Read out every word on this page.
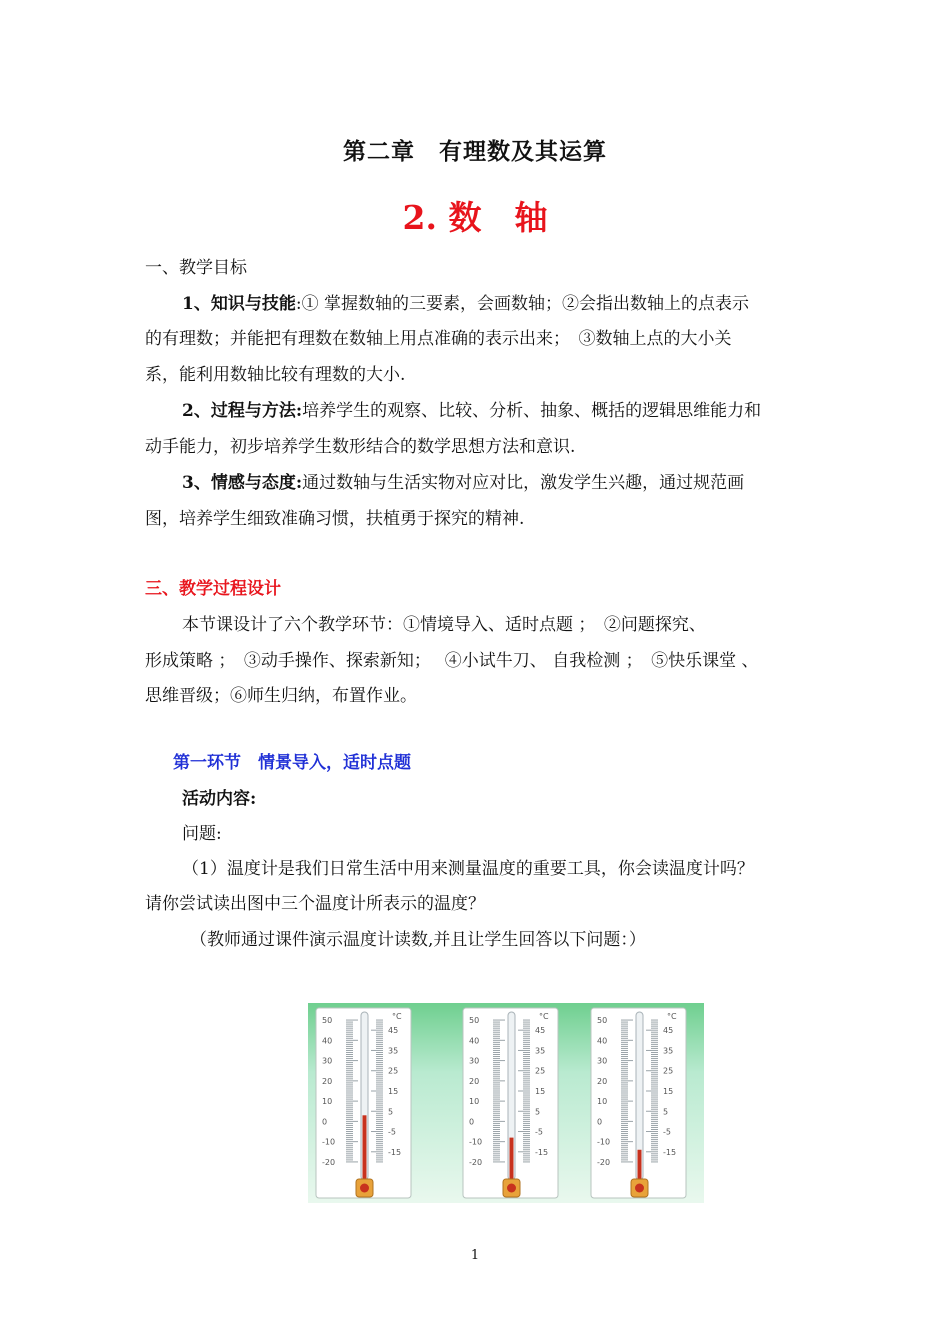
第二章　有理数及其运算
2. 数　轴
一、教学目标
1、知识与技能:① 掌握数轴的三要素，会画数轴；②会指出数轴上的点表示
的有理数；并能把有理数在数轴上用点准确的表示出来；　③数轴上点的大小关
系，能利用数轴比较有理数的大小.
2、过程与方法:培养学生的观察、比较、分析、抽象、概括的逻辑思维能力和
动手能力，初步培养学生数形结合的数学思想方法和意识.
3、情感与态度:通过数轴与生活实物对应对比，激发学生兴趣，通过规范画
图，培养学生细致准确习惯，扶植勇于探究的精神.
三、教学过程设计
本节课设计了六个教学环节：①情境导入、适时点题 ；　②问题探究、
形成策略 ；　③动手操作、探索新知；　 ④小试牛刀、 自我检测 ；　⑤快乐课堂 、
思维晋级；⑥师生归纳，布置作业。
第一环节　情景导入，适时点题
活动内容:
问题:
（1）温度计是我们日常生活中用来测量温度的重要工具，你会读温度计吗？
请你尝试读出图中三个温度计所表示的温度？
（教师通过课件演示温度计读数,并且让学生回答以下问题：）
50
40
30
20
10
0
-10
-20
45
35
25
15
5
-5
-15
°C	50
40
30
20
10
0
-10
-20
45
35
25
15
5
-5
-15
°C	50
40
30
20
10
0
-10
-20
45
35
25
15
5
-5
-15
°C
1
